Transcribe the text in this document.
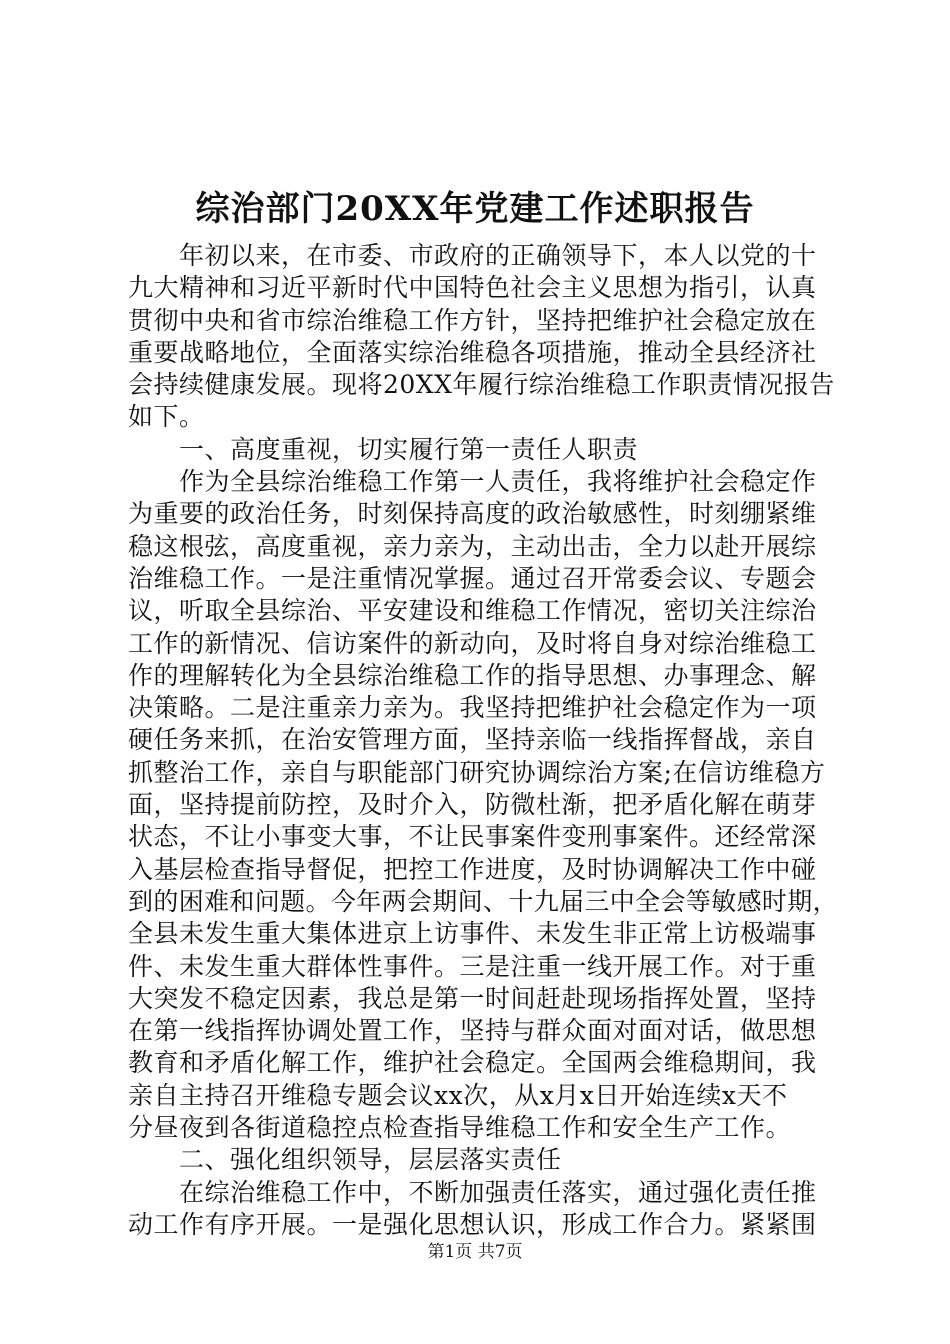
综治部门20XX年党建工作述职报告
　　年初以来，在市委、市政府的正确领导下，本人以党的十
九大精神和习近平新时代中国特色社会主义思想为指引，认真
贯彻中央和省市综治维稳工作方针，坚持把维护社会稳定放在
重要战略地位，全面落实综治维稳各项措施，推动全县经济社
会持续健康发展。现将20XX年履行综治维稳工作职责情况报告
如下。
　　一、高度重视，切实履行第一责任人职责
　　作为全县综治维稳工作第一人责任，我将维护社会稳定作
为重要的政治任务，时刻保持高度的政治敏感性，时刻绷紧维
稳这根弦，高度重视，亲力亲为，主动出击，全力以赴开展综
治维稳工作。一是注重情况掌握。通过召开常委会议、专题会
议，听取全县综治、平安建设和维稳工作情况，密切关注综治
工作的新情况、信访案件的新动向，及时将自身对综治维稳工
作的理解转化为全县综治维稳工作的指导思想、办事理念、解
决策略。二是注重亲力亲为。我坚持把维护社会稳定作为一项
硬任务来抓，在治安管理方面，坚持亲临一线指挥督战，亲自
抓整治工作，亲自与职能部门研究协调综治方案;在信访维稳方
面，坚持提前防控，及时介入，防微杜渐，把矛盾化解在萌芽
状态，不让小事变大事，不让民事案件变刑事案件。还经常深
入基层检查指导督促，把控工作进度，及时协调解决工作中碰
到的困难和问题。今年两会期间、十九届三中全会等敏感时期，
全县未发生重大集体进京上访事件、未发生非正常上访极端事
件、未发生重大群体性事件。三是注重一线开展工作。对于重
大突发不稳定因素，我总是第一时间赶赴现场指挥处置，坚持
在第一线指挥协调处置工作，坚持与群众面对面对话，做思想
教育和矛盾化解工作，维护社会稳定。全国两会维稳期间，我
亲自主持召开维稳专题会议xx次，从x月x日开始连续x天不
分昼夜到各街道稳控点检查指导维稳工作和安全生产工作。
　　二、强化组织领导，层层落实责任
　　在综治维稳工作中，不断加强责任落实，通过强化责任推
动工作有序开展。一是强化思想认识，形成工作合力。紧紧围
第1页 共7页
